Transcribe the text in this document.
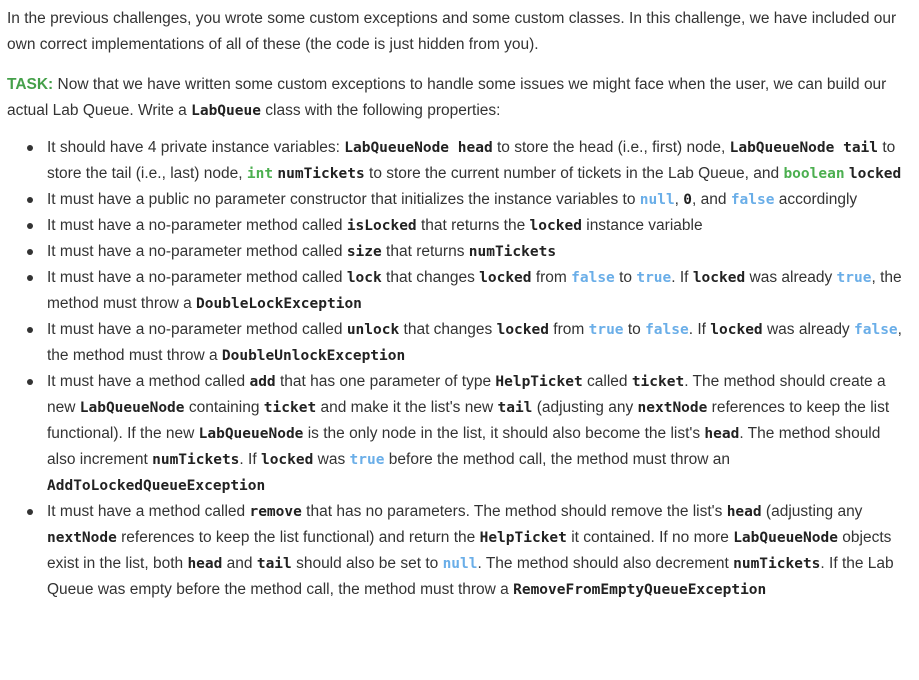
In the previous challenges, you wrote some custom exceptions and some custom classes. In this challenge, we have included our own correct implementations of all of these (the code is just hidden from you).

TASK: Now that we have written some custom exceptions to handle some issues we might face when the user, we can build our actual Lab Queue. Write a LabQueue class with the following properties:

It should have 4 private instance variables: LabQueueNode head to store the head (i.e., first) node, LabQueueNode tail to store the tail (i.e., last) node, int numTickets to store the current number of tickets in the Lab Queue, and boolean locked
It must have a public no parameter constructor that initializes the instance variables to null, 0, and false accordingly
It must have a no-parameter method called isLocked that returns the locked instance variable
It must have a no-parameter method called size that returns numTickets
It must have a no-parameter method called lock that changes locked from false to true. If locked was already true, the method must throw a DoubleLockException
It must have a no-parameter method called unlock that changes locked from true to false. If locked was already false, the method must throw a DoubleUnlockException
It must have a method called add that has one parameter of type HelpTicket called ticket. The method should create a new LabQueueNode containing ticket and make it the list's new tail (adjusting any nextNode references to keep the list functional). If the new LabQueueNode is the only node in the list, it should also become the list's head. The method should also increment numTickets. If locked was true before the method call, the method must throw an AddToLockedQueueException
It must have a method called remove that has no parameters. The method should remove the list's head (adjusting any nextNode references to keep the list functional) and return the HelpTicket it contained. If no more LabQueueNode objects exist in the list, both head and tail should also be set to null. The method should also decrement numTickets. If the Lab Queue was empty before the method call, the method must throw a RemoveFromEmptyQueueException
